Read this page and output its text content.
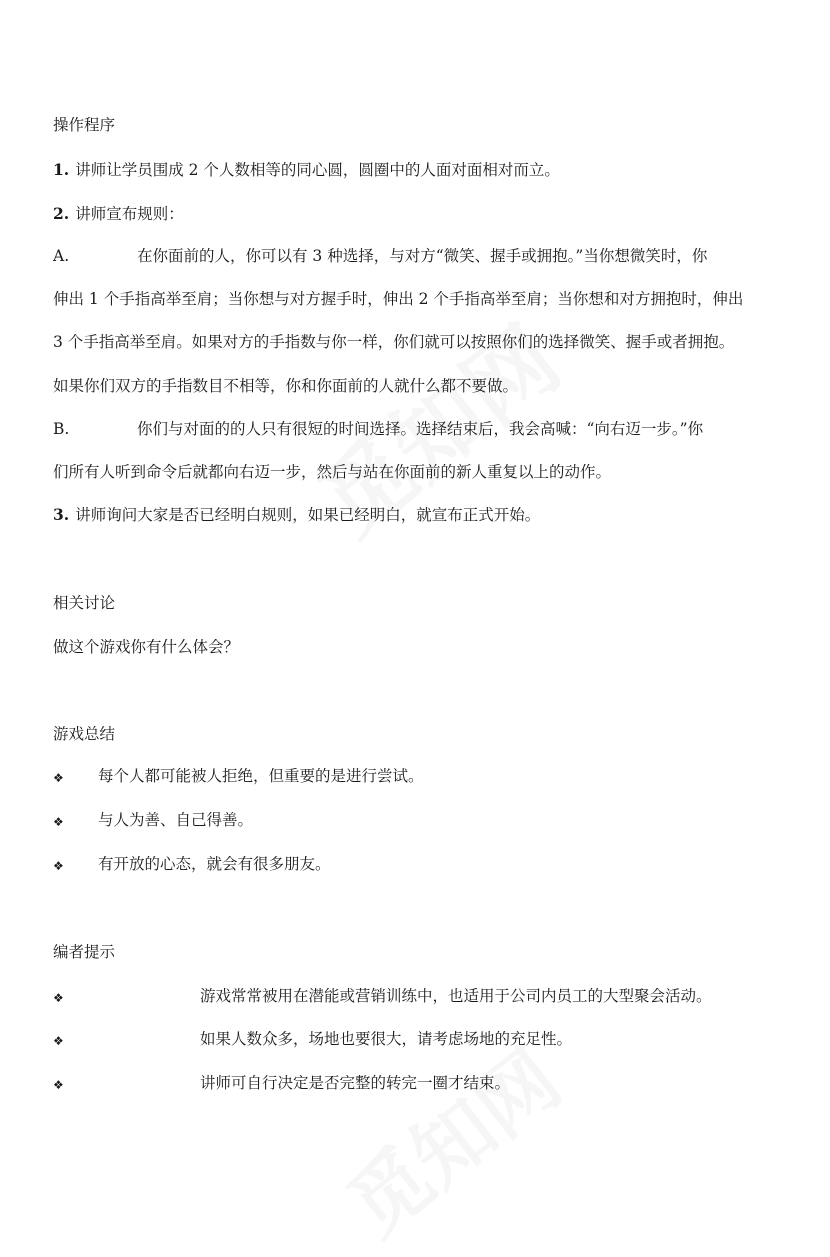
操作程序
1. 讲师让学员围成 2 个人数相等的同心圆，圆圈中的人面对面相对而立。
2. 讲师宣布规则：
A.	在你面前的人，你可以有 3 种选择，与对方“微笑、握手或拥抱。”当你想微笑时，你
伸出 1 个手指高举至肩；当你想与对方握手时，伸出 2 个手指高举至肩；当你想和对方拥抱时，伸出
3 个手指高举至肩。如果对方的手指数与你一样，你们就可以按照你们的选择微笑、握手或者拥抱。
如果你们双方的手指数目不相等，你和你面前的人就什么都不要做。
B.	你们与对面的的人只有很短的时间选择。选择结束后，我会高喊：“向右迈一步。”你
们所有人听到命令后就都向右迈一步，然后与站在你面前的新人重复以上的动作。
3. 讲师询问大家是否已经明白规则，如果已经明白，就宣布正式开始。
相关讨论
做这个游戏你有什么体会？
游戏总结
❖ 每个人都可能被人拒绝，但重要的是进行尝试。
❖ 与人为善、自己得善。
❖ 有开放的心态，就会有很多朋友。
编者提示
❖	游戏常常被用在潜能或营销训练中，也适用于公司内员工的大型聚会活动。
❖	如果人数众多，场地也要很大，请考虑场地的充足性。
❖	讲师可自行决定是否完整的转完一圈才结束。
